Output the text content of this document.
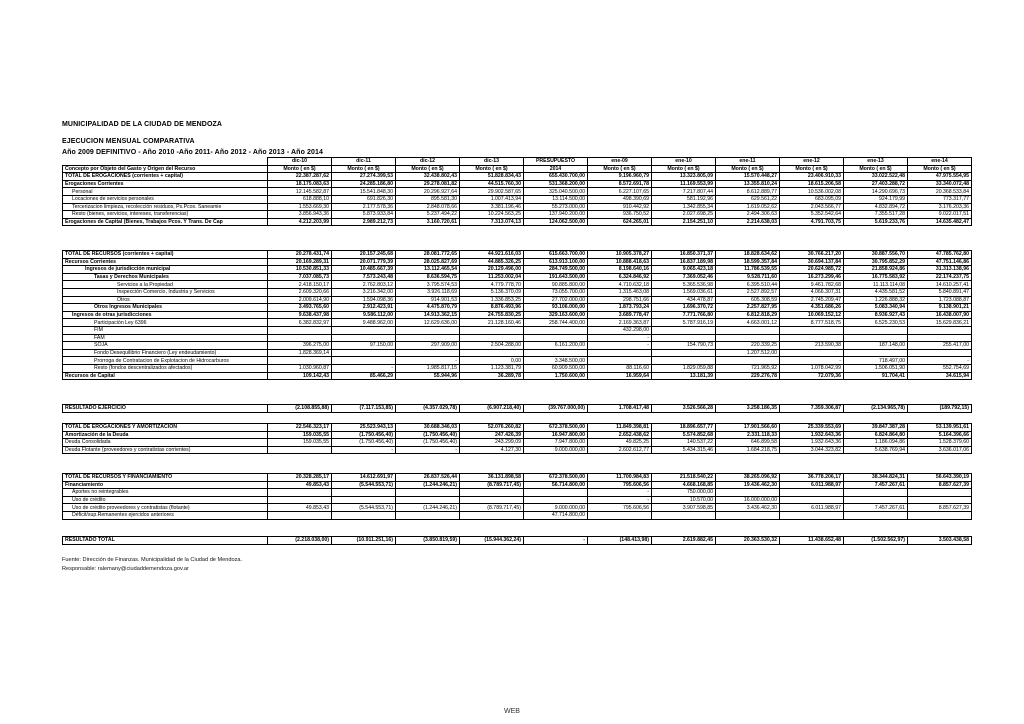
MUNICIPALIDAD DE LA CIUDAD DE MENDOZA
EJECUCION MENSUAL COMPARATIVA
Año 2009 DEFINITIVO - Año 2010 -Año 2011- Año 2012 - Año 2013 - Año 2014
	dic-10	dic-11	dic-12	dic-13	PRESUPUESTO	ene-09	ene-10	ene-11	ene-12	ene-13	ene-14
Concepto por Objeto del Gasto y Origen del Recurso	Monto ( en $)	Monto ( en $)	Monto ( en $)	Monto ( en $)	2014	Monto ( en $)	Monto ( en $)	Monto ( en $)	Monto ( en $)	Monto ( en $)	Monto ( en $)
TOTAL DE EROGACIONES (corrientes + capital)	22.387.287,62	27.274.399,53	32.438.802,43	51.828.834,43	655.430.700,00	9.196.960,79	13.323.805,09	15.570.448,27	23.406.910,33	33.022.522,48	47.975.554,95
Erogaciones Corrientes	18.175.083,63	24.285.186,80	29.278.081,82	44.515.760,30	531.368.200,00	8.572.691,78	11.169.553,99	13.355.810,24	18.615.206,58	27.403.288,72	33.340.072,48
Personal	12.145.582,87	15.541.848,30	20.296.927,64	29.902.587,65	325.040.500,00	6.227.107,65	7.217.807,44	8.612.889,77	10.536.002,08	14.290.696,73	20.368.533,84
Locaciones de servicios personales	618.888,10	691.826,30	895.581,30	1.007.413,94	13.114.500,00	498.390,69	581.192,96	629.561,22	683.095,09	924.179,99	773.317,77
Tercerizacion limpieza, recolección residuos, Ps.Pcos. Saneamie	1.553.669,30	2.177.578,36	2.848.078,66	3.381.196,46	55.273.000,00	910.442,92	1.342.855,34	1.619.052,62	2.043.566,77	4.832.894,72	3.176.203,36
Resto (bienes, servicios, intereses, transferencias)	3.856.943,36	5.873.933,84	5.237.494,22	10.224.563,25	137.940.200,00	936.750,52	2.027.698,25	2.494.306,63	5.352.542,64	7.355.517,28	9.022.017,51
Erogaciones de Capital (Bienes, Trabajos Pcos. Y Trans. De Cap	4.212.203,99	2.989.212,73	3.160.720,61	7.313.074,13	124.062.500,00	624.265,01	2.154.251,10	2.214.638,03	4.791.703,75	5.619.233,76	14.635.482,47
TOTAL DE RECURSOS (corrientes + capital)	20.278.431,74	20.157.245,68	28.081.772,65	44.921.616,03	615.663.700,00	10.905.378,27	16.850.371,37	18.828.634,62	30.766.217,20	30.887.556,70	47.785.762,80
Recursos Corrientes	20.169.289,31	20.071.779,39	28.025.827,69	44.885.326,25	613.913.100,00	10.888.418,63	16.837.189,98	18.599.357,84	30.694.137,84	30.795.852,29	47.751.146,86
Ingresos de jurisdicción municipal	10.530.851,33	10.485.667,39	13.112.465,54	20.129.496,00	284.749.500,00	8.198.640,16	9.065.423,18	11.786.539,55	20.624.985,72	21.858.924,86	31.313.138,96
Tasas y Derechos Municipales	7.037.085,73	7.573.243,48	8.636.594,75	11.253.002,04	191.643.500,00	6.324.846,92	7.369.052,46	9.528.711,60	16.273.299,46	16.775.583,92	22.174.237,75
Servicios a la Propiedad	2.418.150,17	2.762.803,12	3.795.574,53	4.779.778,70	90.885.800,00	4.710.632,18	5.365.536,98	6.395.510,44	9.461.782,68	11.113.114,08	14.610.257,41
Inspección Comercio, Industria y Servicios	2.609.320,66	3.216.342,00	3.926.118,69	5.136.370,09	73.055.700,00	1.315.463,08	1.569.036,61	2.527.892,57	4.066.307,31	4.435.581,52	5.840.891,47
Otros	2.009.614,90	1.594.098,36	914.901,53	1.336.853,25	27.702.000,00	298.751,66	434.478,87	605.308,59	2.745.209,47	1.226.888,32	1.723.088,87
Otros Ingresos Municipales	3.493.765,60	2.912.423,91	4.475.870,79	8.876.493,96	93.106.000,00	1.873.793,24	1.696.370,72	2.257.827,95	4.351.686,26	5.083.340,94	9.138.901,21
Ingresos de otras jurisdicciones	9.638.437,98	9.586.112,00	14.913.362,15	24.755.830,25	329.163.600,00	3.689.778,47	7.771.766,80	6.812.818,29	10.069.152,12	8.936.927,43	16.438.007,90
Participación Ley 6396	6.382.832,97	9.488.962,00	12.629.636,00	21.128.160,46	258.744.400,00	2.169.363,87	5.787.916,19	4.663.001,12	8.777.518,75	6.525.230,53	15.629.836,21
FIM						432.298,00					
FAM						-					
SOJA	396.275,00	97.150,00	297.909,00	2.504.288,00	6.161.200,00	-	154.790,73	220.339,25	213.590,38	187.148,00	255.417,00
Fondo Desequilibrio Financiero (Ley endeudamiento)	1.828.369,14							1.207.512,00			
Prorroga de Contratacion de Explotacion de Hidrocarburos			-	0,00	3.348.500,00				-	718.497,00	-
Resto (fondos descentralizados afectados)	1.030.960,87	-	1.985.817,15	1.123.381,79	60.909.500,00	88.116,60	1.829.059,88	721.965,92	1.078.042,99	1.506.051,90	552.754,69
Recursos de Capital	109.142,43	85.466,29	55.944,96	36.289,78	1.750.600,00	16.959,64	13.181,39	229.276,78	72.079,36	91.704,41	34.615,94
RESULTADO EJERCICIO	(2.108.855,88)	(7.117.153,85)	(4.357.029,78)	(6.907.218,40)	(39.767.000,00)	1.708.417,48	3.526.566,28	3.258.186,35	7.359.306,87	(2.134.965,78)	(189.792,15)
TOTAL DE EROGACIONES Y AMORTIZACION	22.546.323,17	25.523.943,13	30.688.346,03	52.076.260,82	672.378.500,00	11.849.398,81	18.896.657,77	17.901.566,60	25.339.553,69	39.847.387,28	53.139.951,61
Amortización de la Deuda	159.035,55	(1.750.456,40)	(1.750.456,40)	247.426,39	16.947.800,00	2.652.438,62	5.574.852,68	2.331.118,33	1.932.643,36	6.824.864,80	5.164.396,66
Deuda Consolidada	159.035,55	(1.750.456,40)	(1.750.456,40)	243.299,09	7.947.800,00	49.825,25	140.537,22	646.899,58	1.932.643,36	1.186.094,86	1.528.379,60
Deuda Flotante (proveedores y contratistas corrientes)		-	-	4.127,30	9.000.000,00	2.602.612,77	5.434.315,46	1.684.218,75	3.044.323,82	5.638.769,94	3.636.017,06
TOTAL DE RECURSOS Y FINANCIAMIENTO	20.328.285,17	14.612.691,97	26.837.526,44	36.131.898,58	672.378.500,00	11.700.984,83	21.518.540,22	38.265.096,92	36.778.206,17	38.344.824,31	56.643.390,19
Financiamiento	49.853,43	(5.544.553,71)	(1.244.246,21)	(8.789.717,45)	56.714.800,00	795.606,56	4.668.168,85	19.436.462,30	6.011.988,97	7.457.267,61	8.857.627,39
Aportes no reintegrables						-	750.000,00				
Uso de crédito						-	10.570,00	16.000.000,00			
Uso de crédito proveedores y contratistas (flotante)	49.853,43	(5.544.553,71)	(1.244.246,21)	(8.789.717,45)	9.000.000,00	795.606,56	3.907.598,85	3.436.462,30	6.011.988,97	7.457.267,61	8.857.627,39
Déficit/sup.Remanentes ejercidos anteriores					47.714.800,00						
RESULTADO TOTAL	(2.218.038,00)	(10.911.251,16)	(3.850.819,59)	(15.944.362,24)	-	(148.413,98)	2.619.882,45	20.363.530,32	11.438.652,48	(1.502.562,97)	3.503.438,58
Fuente: Dirección de Finanzas. Municipalidad de la Ciudad de Mendoza.
Responsable: ralemany@ciudaddemendoza.gov.ar
WEB
